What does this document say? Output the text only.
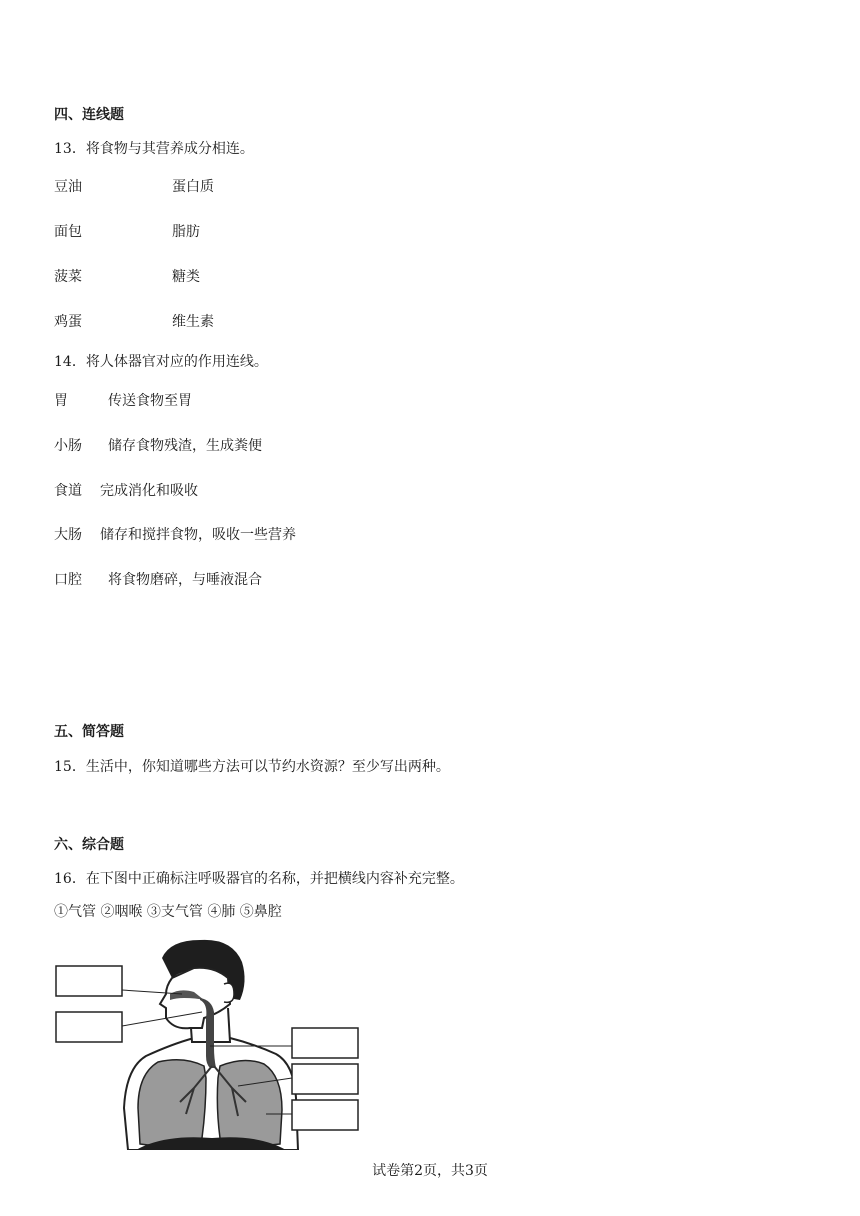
四、连线题
13．将食物与其营养成分相连。
豆油	蛋白质
面包	脂肪
菠菜	糖类
鸡蛋	维生素
14．将人体器官对应的作用连线。
胃	传送食物至胃
小肠 储存食物残渣，生成粪便
食道 完成消化和吸收
大肠 储存和搅拌食物，吸收一些营养
口腔 将食物磨碎，与唾液混合
五、简答题
15．生活中，你知道哪些方法可以节约水资源？至少写出两种。
六、综合题
16．在下图中正确标注呼吸器官的名称，并把横线内容补充完整。
①气管 ②咽喉 ③支气管 ④肺 ⑤鼻腔
试卷第2页，共3页
